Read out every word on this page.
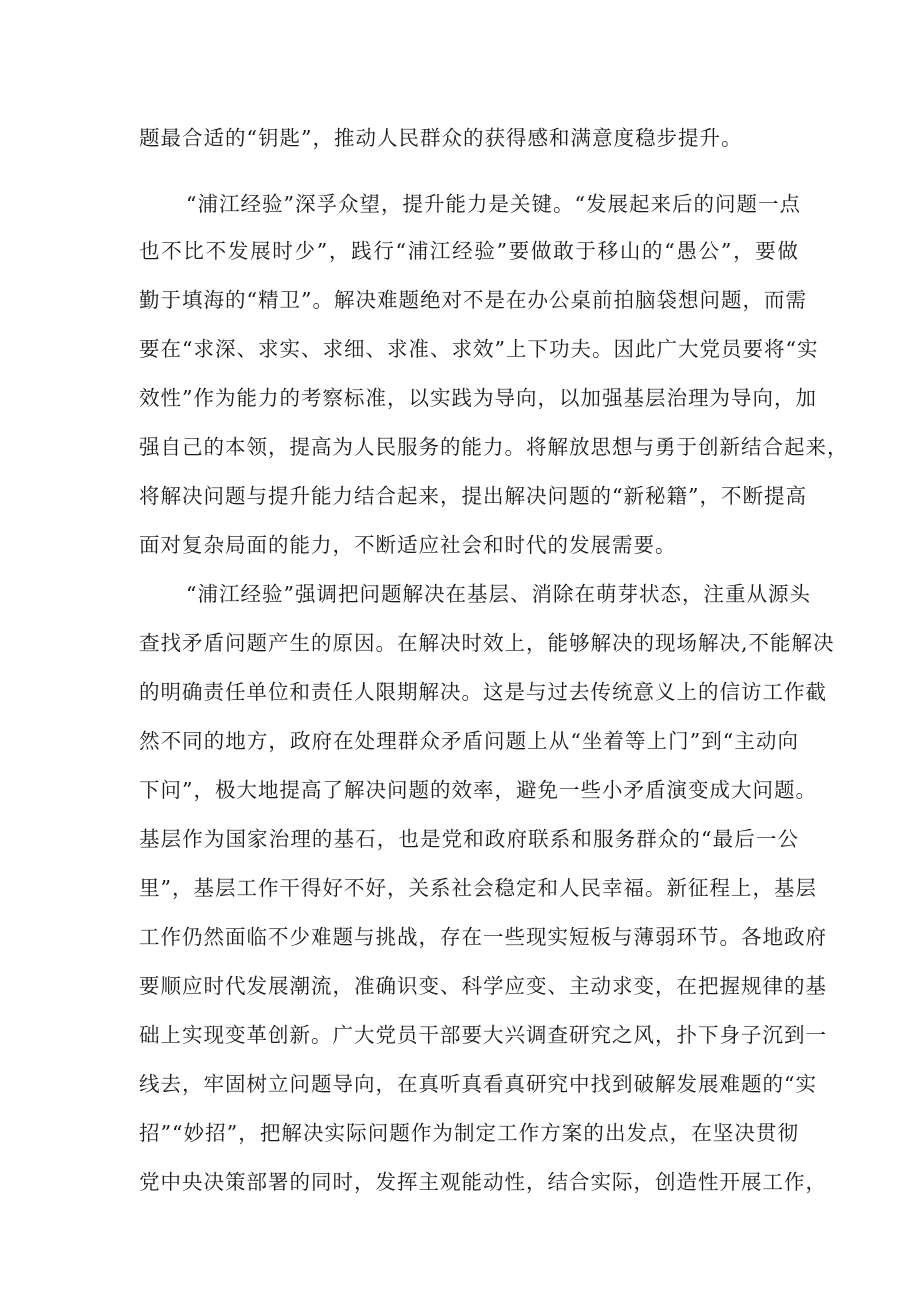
题最合适的“钥匙”，推动人民群众的获得感和满意度稳步提升。
“浦江经验”深孚众望，提升能力是关键。“发展起来后的问题一点
也不比不发展时少”，践行“浦江经验”要做敢于移山的“愚公”，要做
勤于填海的“精卫”。解决难题绝对不是在办公桌前拍脑袋想问题，而需
要在“求深、求实、求细、求准、求效”上下功夫。因此广大党员要将“实
效性”作为能力的考察标准，以实践为导向，以加强基层治理为导向，加
强自己的本领，提高为人民服务的能力。将解放思想与勇于创新结合起来，
将解决问题与提升能力结合起来，提出解决问题的“新秘籍”，不断提高
面对复杂局面的能力，不断适应社会和时代的发展需要。
“浦江经验”强调把问题解决在基层、消除在萌芽状态，注重从源头
查找矛盾问题产生的原因。在解决时效上，能够解决的现场解决,不能解决
的明确责任单位和责任人限期解决。这是与过去传统意义上的信访工作截
然不同的地方，政府在处理群众矛盾问题上从“坐着等上门”到“主动向
下问”，极大地提高了解决问题的效率，避免一些小矛盾演变成大问题。
基层作为国家治理的基石，也是党和政府联系和服务群众的“最后一公
里”，基层工作干得好不好，关系社会稳定和人民幸福。新征程上，基层
工作仍然面临不少难题与挑战，存在一些现实短板与薄弱环节。各地政府
要顺应时代发展潮流，准确识变、科学应变、主动求变，在把握规律的基
础上实现变革创新。广大党员干部要大兴调查研究之风，扑下身子沉到一
线去，牢固树立问题导向，在真听真看真研究中找到破解发展难题的“实
招”“妙招”，把解决实际问题作为制定工作方案的出发点，在坚决贯彻
党中央决策部署的同时，发挥主观能动性，结合实际，创造性开展工作，
